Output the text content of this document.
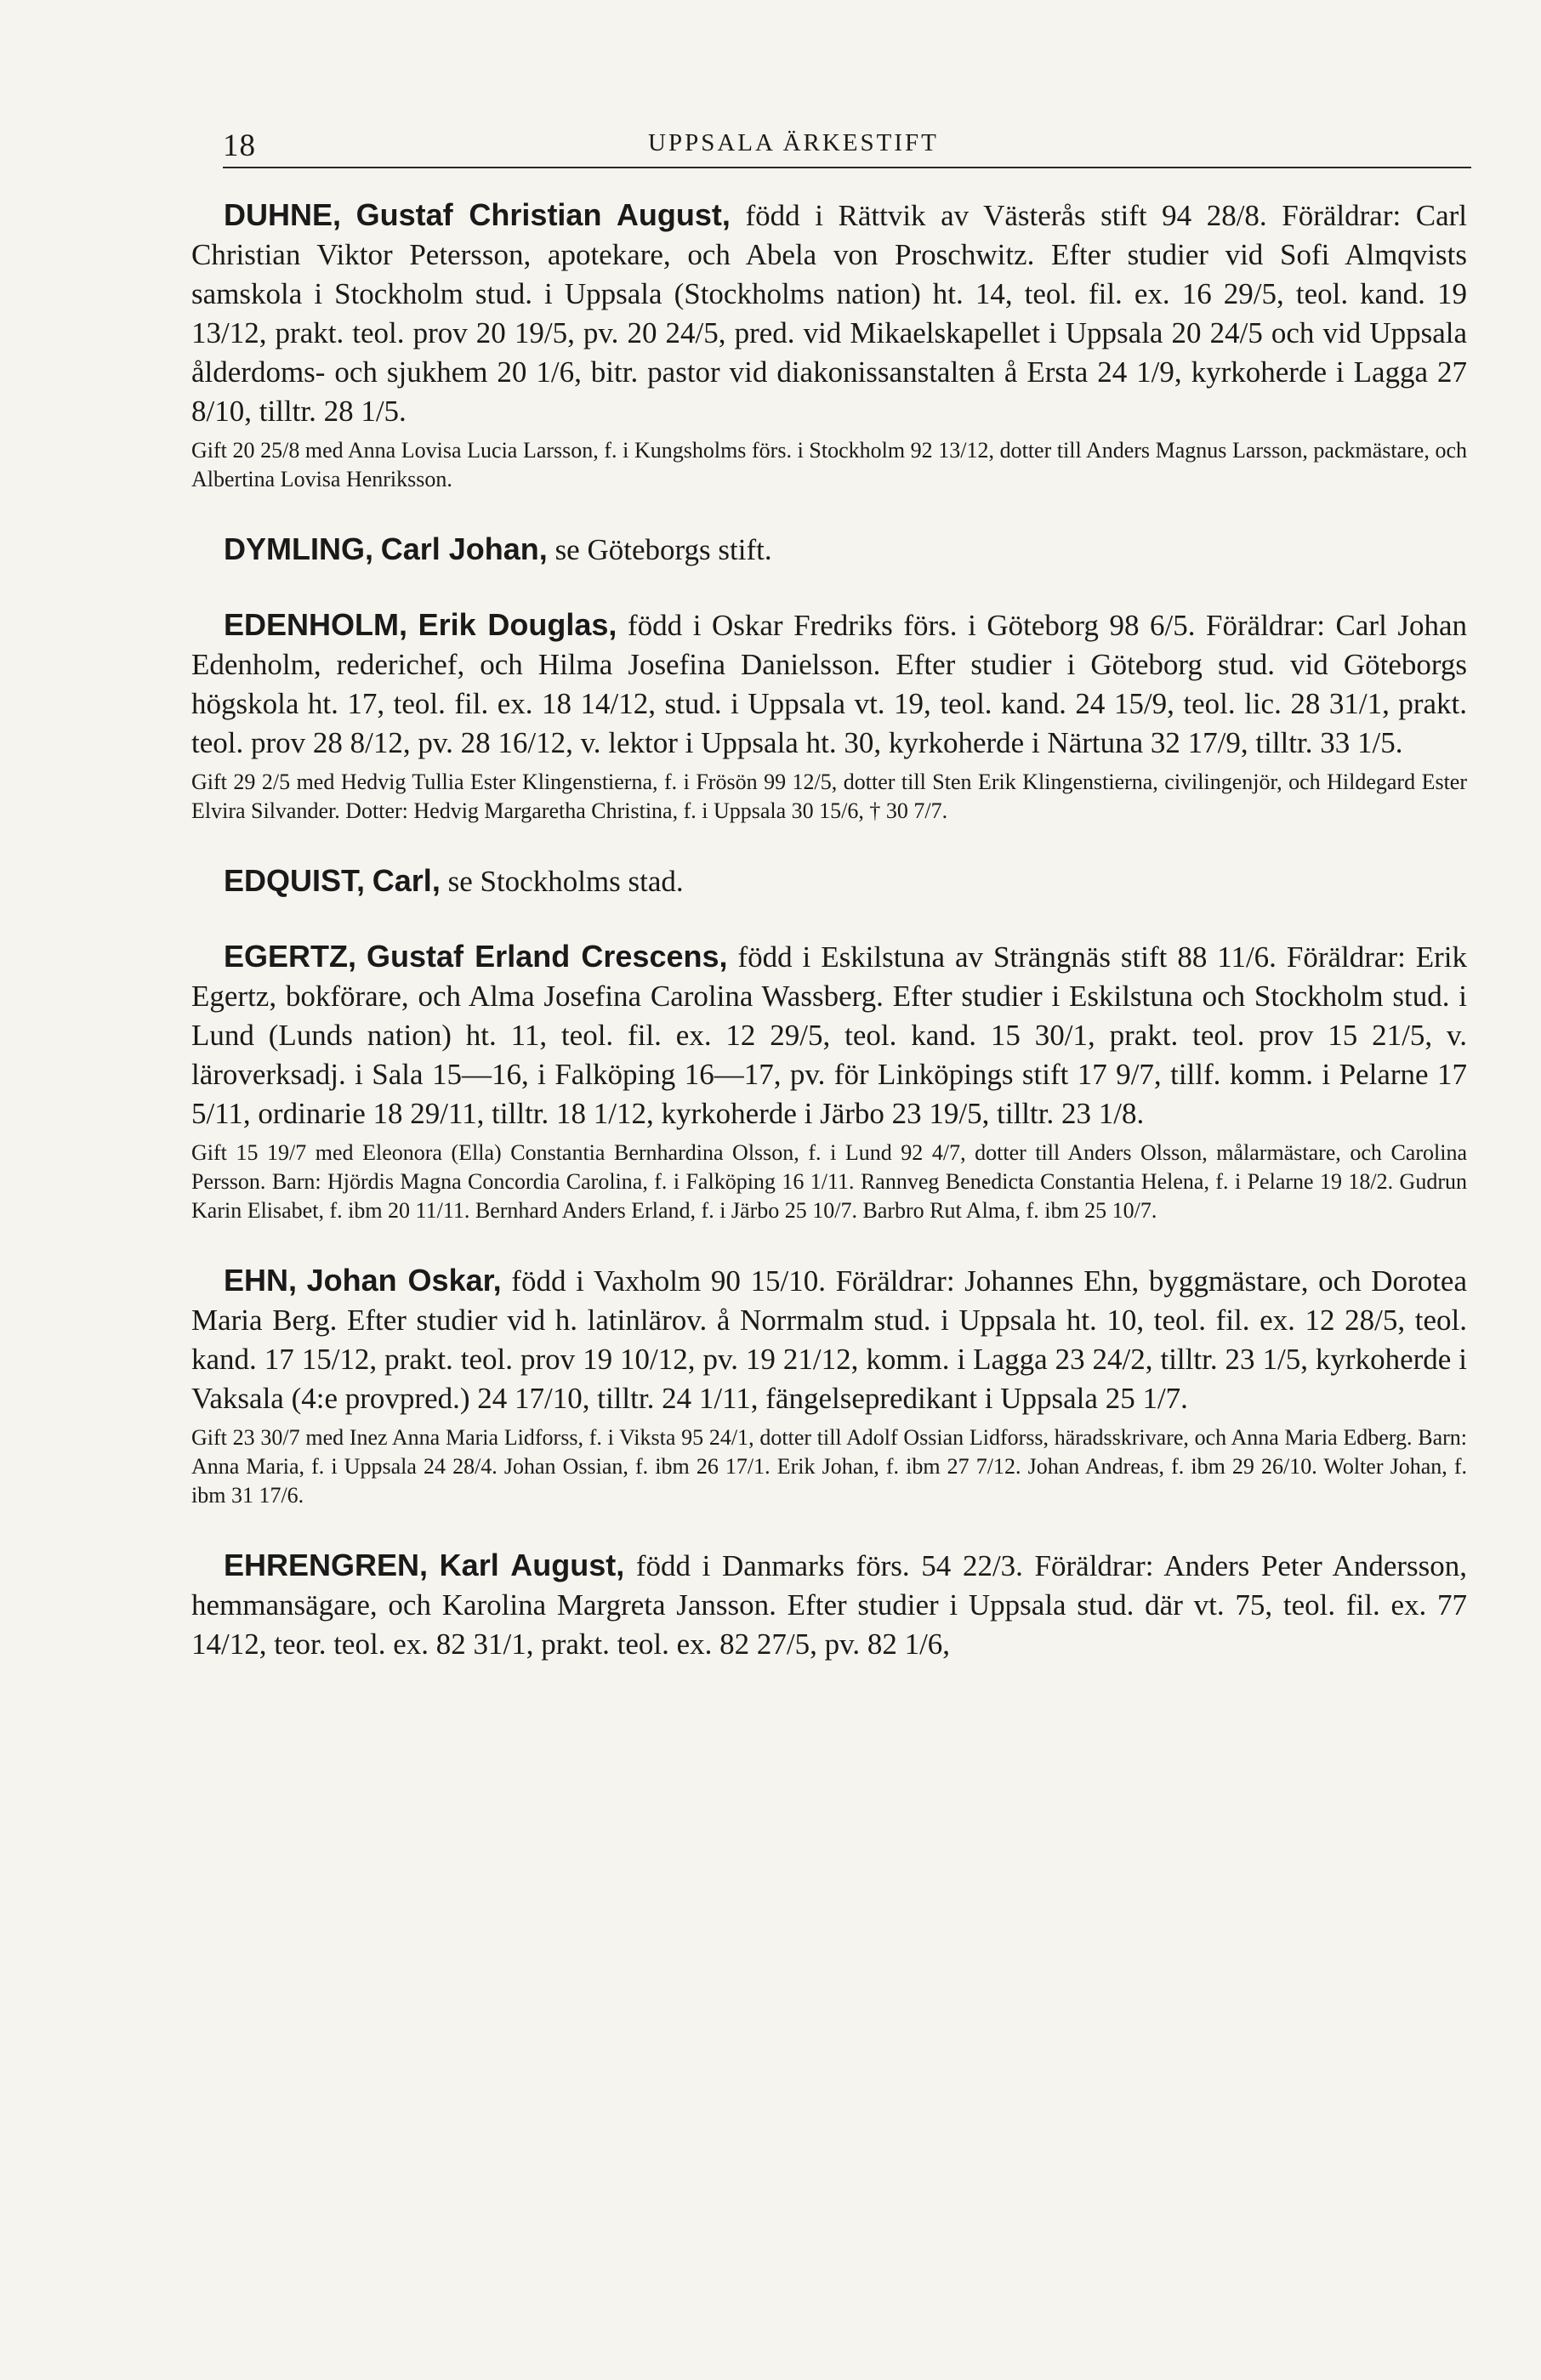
18	UPPSALA ÄRKESTIFT
DUHNE, Gustaf Christian August, född i Rättvik av Västerås stift 94 28/8. Föräldrar: Carl Christian Viktor Petersson, apotekare, och Abela von Proschwitz. Efter studier vid Sofi Almqvists samskola i Stockholm stud. i Uppsala (Stockholms nation) ht. 14, teol. fil. ex. 16 29/5, teol. kand. 19 13/12, prakt. teol. prov 20 19/5, pv. 20 24/5, pred. vid Mikaelskapellet i Uppsala 20 24/5 och vid Uppsala ålderdoms- och sjukhem 20 1/6, bitr. pastor vid diakonissanstalten å Ersta 24 1/9, kyrkoherde i Lagga 27 8/10, tilltr. 28 1/5.
Gift 20 25/8 med Anna Lovisa Lucia Larsson, f. i Kungsholms förs. i Stockholm 92 13/12, dotter till Anders Magnus Larsson, packmästare, och Albertina Lovisa Henriksson.
DYMLING, Carl Johan, se Göteborgs stift.
EDENHOLM, Erik Douglas, född i Oskar Fredriks förs. i Göteborg 98 6/5. Föräldrar: Carl Johan Edenholm, rederichef, och Hilma Josefina Danielsson. Efter studier i Göteborg stud. vid Göteborgs högskola ht. 17, teol. fil. ex. 18 14/12, stud. i Uppsala vt. 19, teol. kand. 24 15/9, teol. lic. 28 31/1, prakt. teol. prov 28 8/12, pv. 28 16/12, v. lektor i Uppsala ht. 30, kyrkoherde i Närtuna 32 17/9, tilltr. 33 1/5.
Gift 29 2/5 med Hedvig Tullia Ester Klingenstierna, f. i Frösön 99 12/5, dotter till Sten Erik Klingenstierna, civilingenjör, och Hildegard Ester Elvira Silvander. Dotter: Hedvig Margaretha Christina, f. i Uppsala 30 15/6, † 30 7/7.
EDQUIST, Carl, se Stockholms stad.
EGERTZ, Gustaf Erland Crescens, född i Eskilstuna av Strängnäs stift 88 11/6. Föräldrar: Erik Egertz, bokförare, och Alma Josefina Carolina Wassberg. Efter studier i Eskilstuna och Stockholm stud. i Lund (Lunds nation) ht. 11, teol. fil. ex. 12 29/5, teol. kand. 15 30/1, prakt. teol. prov 15 21/5, v. läroverksadj. i Sala 15—16, i Falköping 16—17, pv. för Linköpings stift 17 9/7, tillf. komm. i Pelarne 17 5/11, ordinarie 18 29/11, tilltr. 18 1/12, kyrkoherde i Järbo 23 19/5, tilltr. 23 1/8.
Gift 15 19/7 med Eleonora (Ella) Constantia Bernhardina Olsson, f. i Lund 92 4/7, dotter till Anders Olsson, målarmästare, och Carolina Persson. Barn: Hjördis Magna Concordia Carolina, f. i Falköping 16 1/11. Rannveg Benedicta Constantia Helena, f. i Pelarne 19 18/2. Gudrun Karin Elisabet, f. ibm 20 11/11. Bernhard Anders Erland, f. i Järbo 25 10/7. Barbro Rut Alma, f. ibm 25 10/7.
EHN, Johan Oskar, född i Vaxholm 90 15/10. Föräldrar: Johannes Ehn, byggmästare, och Dorotea Maria Berg. Efter studier vid h. latinlärov. å Norrmalm stud. i Uppsala ht. 10, teol. fil. ex. 12 28/5, teol. kand. 17 15/12, prakt. teol. prov 19 10/12, pv. 19 21/12, komm. i Lagga 23 24/2, tilltr. 23 1/5, kyrkoherde i Vaksala (4:e provpred.) 24 17/10, tilltr. 24 1/11, fängelsepredikant i Uppsala 25 1/7.
Gift 23 30/7 med Inez Anna Maria Lidforss, f. i Viksta 95 24/1, dotter till Adolf Ossian Lidforss, häradsskrivare, och Anna Maria Edberg. Barn: Anna Maria, f. i Uppsala 24 28/4. Johan Ossian, f. ibm 26 17/1. Erik Johan, f. ibm 27 7/12. Johan Andreas, f. ibm 29 26/10. Wolter Johan, f. ibm 31 17/6.
EHRENGREN, Karl August, född i Danmarks förs. 54 22/3. Föräldrar: Anders Peter Andersson, hemmansägare, och Karolina Margreta Jansson. Efter studier i Uppsala stud. där vt. 75, teol. fil. ex. 77 14/12, teor. teol. ex. 82 31/1, prakt. teol. ex. 82 27/5, pv. 82 1/6,
